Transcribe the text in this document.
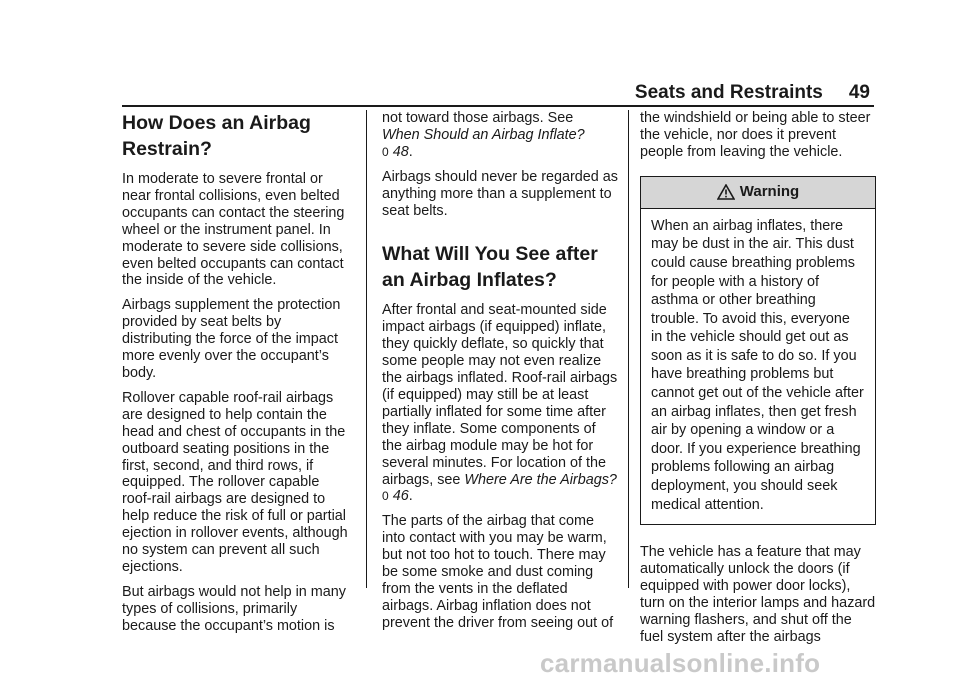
Seats and Restraints 49
How Does an Airbag Restrain?

In moderate to severe frontal or near frontal collisions, even belted occupants can contact the steering wheel or the instrument panel. In moderate to severe side collisions, even belted occupants can contact the inside of the vehicle.

Airbags supplement the protection provided by seat belts by distributing the force of the impact more evenly over the occupant’s body.

Rollover capable roof-rail airbags are designed to help contain the head and chest of occupants in the outboard seating positions in the first, second, and third rows, if equipped. The rollover capable roof-rail airbags are designed to help reduce the risk of full or partial ejection in rollover events, although no system can prevent all such ejections.

But airbags would not help in many types of collisions, primarily because the occupant’s motion is

not toward those airbags. See
When Should an Airbag Inflate?
0 48.

Airbags should never be regarded as anything more than a supplement to seat belts.

What Will You See after an Airbag Inflates?

After frontal and seat-mounted side impact airbags (if equipped) inflate, they quickly deflate, so quickly that some people may not even realize the airbags inflated. Roof-rail airbags (if equipped) may still be at least partially inflated for some time after they inflate. Some components of the airbag module may be hot for several minutes. For location of the airbags, see Where Are the Airbags? 0 46.

The parts of the airbag that come into contact with you may be warm, but not too hot to touch. There may be some smoke and dust coming from the vents in the deflated airbags. Airbag inflation does not prevent the driver from seeing out of

the windshield or being able to steer the vehicle, nor does it prevent people from leaving the vehicle.

Warning

When an airbag inflates, there may be dust in the air. This dust could cause breathing problems for people with a history of asthma or other breathing trouble. To avoid this, everyone in the vehicle should get out as soon as it is safe to do so. If you have breathing problems but cannot get out of the vehicle after an airbag inflates, then get fresh air by opening a window or a door. If you experience breathing problems following an airbag deployment, you should seek medical attention.

The vehicle has a feature that may automatically unlock the doors (if equipped with power door locks), turn on the interior lamps and hazard warning flashers, and shut off the fuel system after the airbags

carmanualsonline.info
